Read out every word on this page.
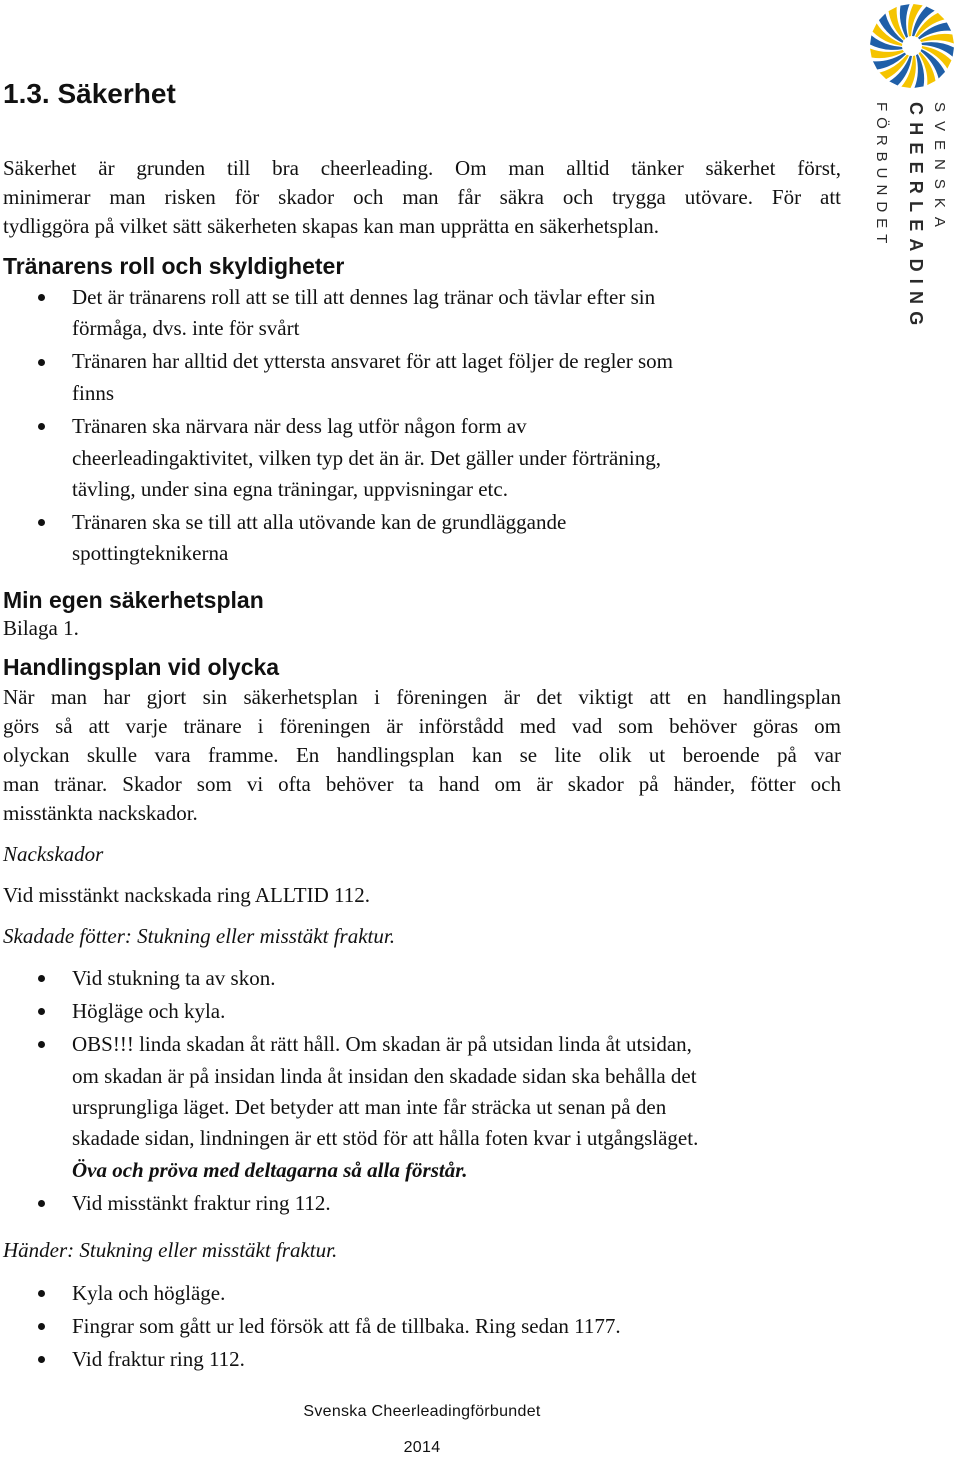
1.3. Säkerhet
Säkerhet är grunden till bra cheerleading. Om man alltid tänker säkerhet först,
minimerar man risken för skador och man får säkra och trygga utövare. För att
tydliggöra på vilket sätt säkerheten skapas kan man upprätta en säkerhetsplan.
Tränarens roll och skyldigheter
Det är tränarens roll att se till att dennes lag tränar och tävlar efter sin
förmåga, dvs. inte för svårt
Tränaren har alltid det yttersta ansvaret för att laget följer de regler som
finns
Tränaren ska närvara när dess lag utför någon form av
cheerleadingaktivitet, vilken typ det än är. Det gäller under förträning,
tävling, under sina egna träningar, uppvisningar etc.
Tränaren ska se till att alla utövande kan de grundläggande
spottingteknikerna
Min egen säkerhetsplan
Bilaga 1.
Handlingsplan vid olycka
När man har gjort sin säkerhetsplan i föreningen är det viktigt att en handlingsplan
görs så att varje tränare i föreningen är införstådd med vad som behöver göras om
olyckan skulle vara framme. En handlingsplan kan se lite olik ut beroende på var
man tränar. Skador som vi ofta behöver ta hand om är skador på händer, fötter och
misstänkta nackskador.
Nackskador
Vid misstänkt nackskada ring ALLTID 112.
Skadade fötter: Stukning eller misstäkt fraktur.
Vid stukning ta av skon.
Högläge och kyla.
OBS!!! linda skadan åt rätt håll. Om skadan är på utsidan linda åt utsidan,
om skadan är på insidan linda åt insidan den skadade sidan ska behålla det
ursprungliga läget. Det betyder att man inte får sträcka ut senan på den
skadade sidan, lindningen är ett stöd för att hålla foten kvar i utgångsläget.
Öva och pröva med deltagarna så alla förstår.
Vid misstänkt fraktur ring 112.
Händer: Stukning eller misstäkt fraktur.
Kyla och högläge.
Fingrar som gått ur led försök att få de tillbaka. Ring sedan 1177.
Vid fraktur ring 112.
Svenska Cheerleadingförbundet
2014
SVENSKA
CHEERLEADING
FÖRBUNDET
